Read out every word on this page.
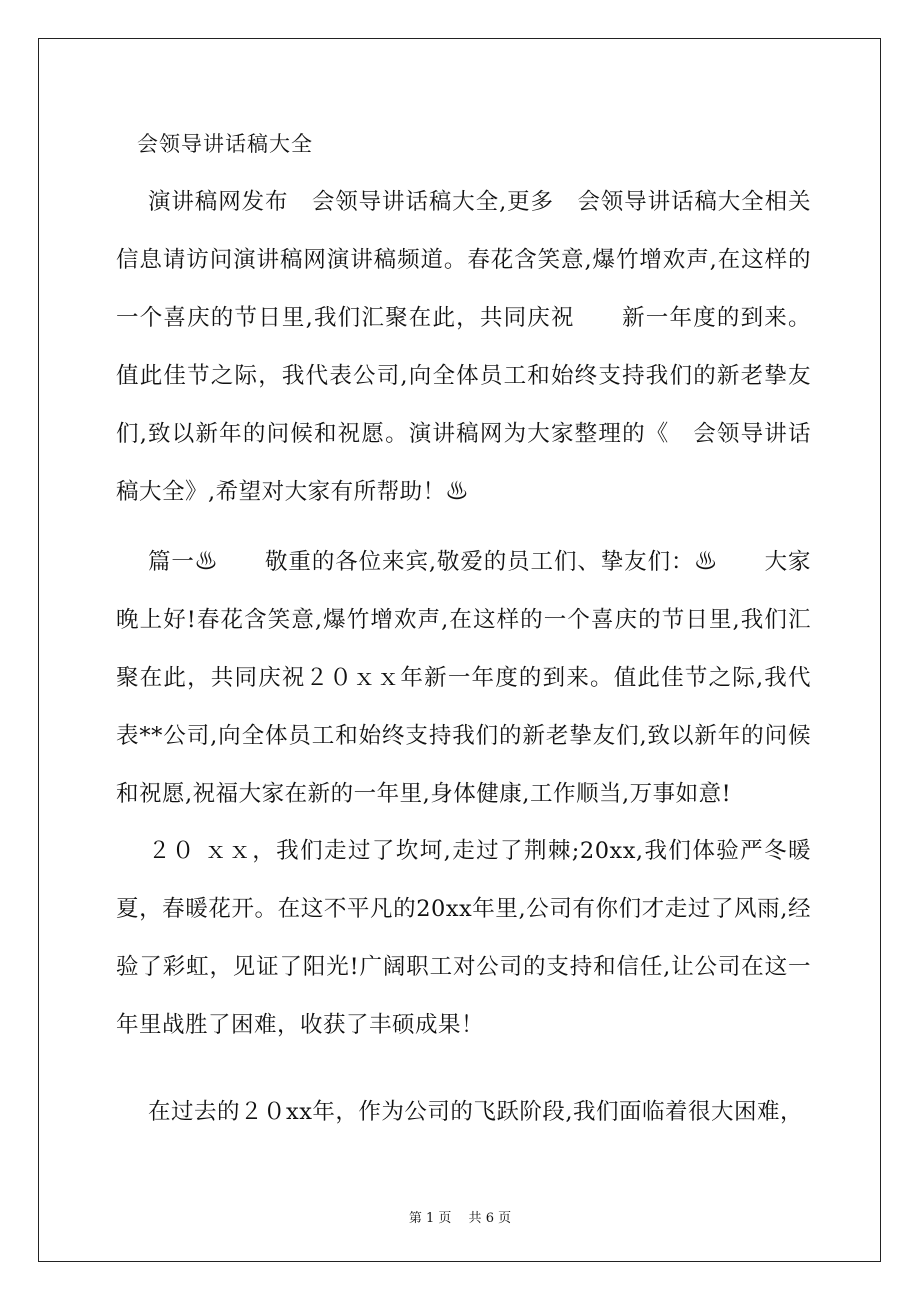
会领导讲话稿大全

演讲稿网发布　会领导讲话稿大全,更多　会领导讲话稿大全相关信息请访问演讲稿网演讲稿频道。春花含笑意,爆竹增欢声,在这样的一个喜庆的节日里,我们汇聚在此，共同庆祝　　新一年度的到来。值此佳节之际，我代表公司,向全体员工和始终支持我们的新老挚友们,致以新年的问候和祝愿。演讲稿网为大家整理的《　会领导讲话稿大全》,希望对大家有所帮助！♨

篇一♨　　敬重的各位来宾,敬爱的员工们、挚友们：♨　　大家晚上好!春花含笑意,爆竹增欢声,在这样的一个喜庆的节日里,我们汇聚在此，共同庆祝２０ｘｘ年新一年度的到来。值此佳节之际,我代表**公司,向全体员工和始终支持我们的新老挚友们,致以新年的问候和祝愿,祝福大家在新的一年里,身体健康,工作顺当,万事如意!

２０ ｘｘ，我们走过了坎坷,走过了荆棘;20xx,我们体验严冬暖夏，春暖花开。在这不平凡的20xx年里,公司有你们才走过了风雨,经验了彩虹，见证了阳光!广阔职工对公司的支持和信任,让公司在这一年里战胜了困难，收获了丰硕成果！

在过去的２０xx年，作为公司的飞跃阶段,我们面临着很大困难，

第 1 页　 共 6 页
